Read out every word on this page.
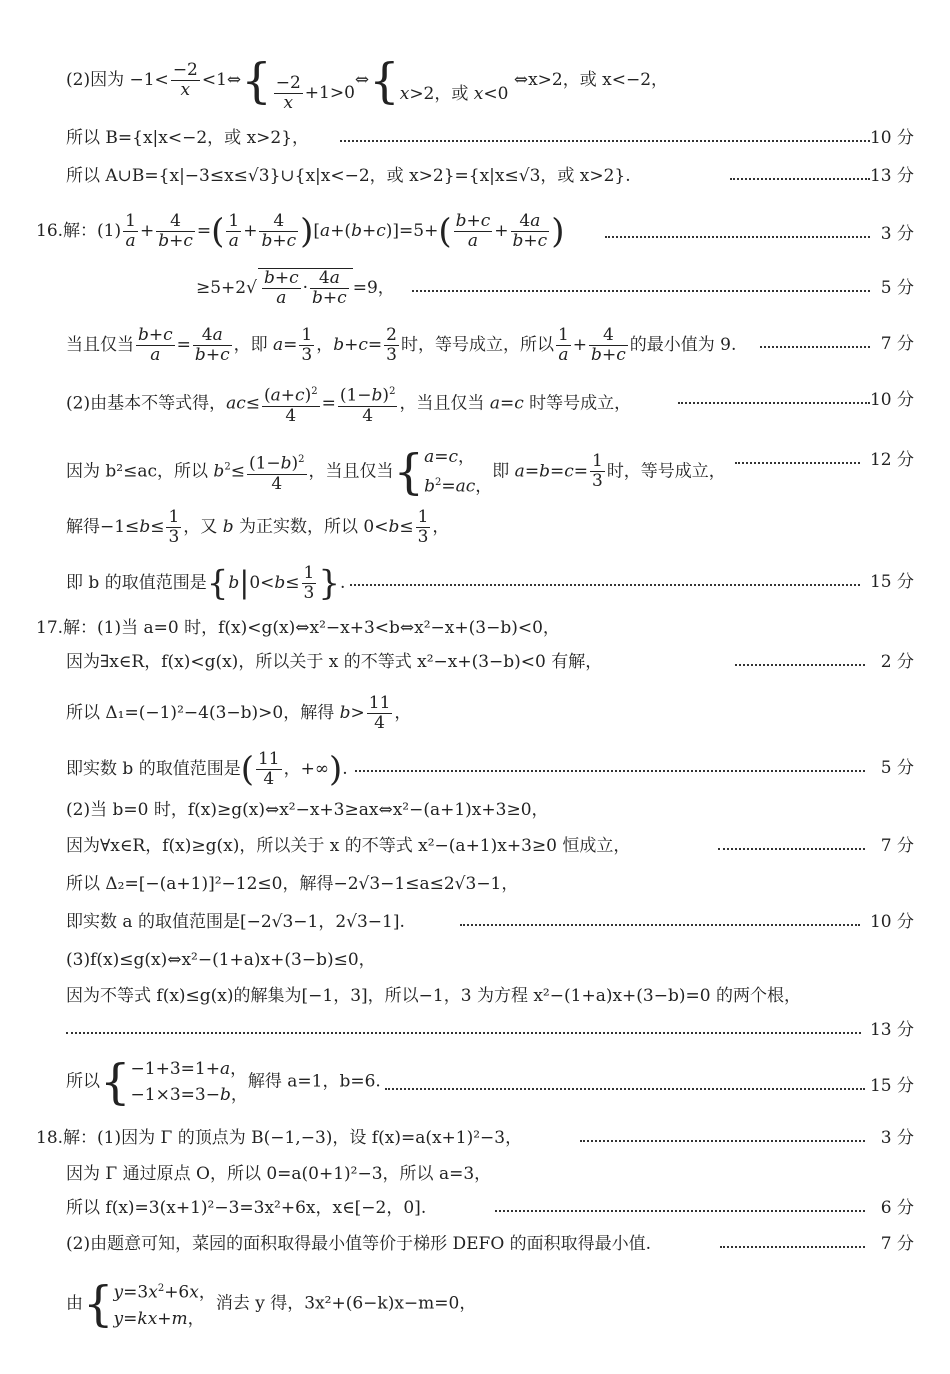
(2)因为 $-1< \frac{-2}{x}$ <1⇔{ $\frac{-2}{x} +1>0$
⇔{ x>2，或 x<0
⇔x>2，或 x<−2，
所以 B={x|x<−2，或 x>2}，	10 分
所以 A∪B={x|−3≤x≤√3}∪{x|x<−2，或 x>2}={x|x≤√3，或 x>2}.	13 分
16.解：$(1) \frac{1}{a} + \frac{4}{b+c}$ =( $\frac{1}{a} + \frac{4}{b+c} )[a+(b+c)]=5+( \frac{b+c}{a} + \frac{4a}{b+c}$ )	3 分
$\ge 5+2√ \frac{b+c}{a} \cdot \frac{4a}{b+c} =9$，	5 分
当且仅当 $\frac{b+c}{a} = \frac{4a}{b+c}$ ，即 $a= \frac{1}{3}$ ，$b+c= \frac{2}{3}$ 时，等号成立，所以 $\frac{1}{a} + \frac{4}{b+c}$ 的最小值为 9.	7 分
(2)由基本不等式得，$ac\le \frac{(a+c)^2}{4} = \frac{(1-b)^2}{4}$ ，当且仅当 a=c 时等号成立，	10 分
因为 b²≤ac，所以 $b^2\le \frac{(1-b)^2}{4}$ ，当且仅当{ a=c，
$b^2=ac$，
即 $a=b=c= \frac{1}{3}$ 时，等号成立，
12 分
解得$-1\le b\le \frac{1}{3}$ ，又 b 为正实数，所以 $0<b\le \frac{1}{3}$ ，
即 b 的取值范围是{$b|0<b\le \frac{1}{3}$ }.	15 分
17.解：(1)当 a=0 时，f(x)<g(x)⇔x²−x+3<b⇔x²−x+(3−b)<0，
因为∃x∈R，f(x)<g(x)，所以关于 x 的不等式 x²−x+(3−b)<0 有解，	2 分
所以 Δ₁=(−1)²−4(3−b)>0，解得 $b> \frac{11}{4}$ ，
即实数 b 的取值范围是( $\frac{11}{4}$ ，+∞).	5 分
(2)当 b=0 时，f(x)≥g(x)⇔x²−x+3≥ax⇔x²−(a+1)x+3≥0，
因为∀x∈R，f(x)≥g(x)，所以关于 x 的不等式 x²−(a+1)x+3≥0 恒成立，	7 分
所以 Δ₂=[−(a+1)]²−12≤0，解得−2√3−1≤a≤2√3−1，
即实数 a 的取值范围是[−2√3−1，2√3−1].	10 分
(3)f(x)≤g(x)⇔x²−(1+a)x+(3−b)≤0，
因为不等式 f(x)≤g(x)的解集为[−1，3]，所以−1，3 为方程 x²−(1+a)x+(3−b)=0 的两个根，
13 分
所以{ −1+3=1+a，
−1×3=3−b，
解得 a=1，b=6.	15 分
18.解：(1)因为 Γ 的顶点为 B(−1,−3)，设 f(x)=a(x+1)²−3，	3 分
因为 Γ 通过原点 O，所以 0=a(0+1)²−3，所以 a=3，
所以 f(x)=3(x+1)²−3=3x²+6x，x∈[−2，0].	6 分
(2)由题意可知，菜园的面积取得最小值等价于梯形 DEFO 的面积取得最小值.	7 分
由{ $y=3x^2+6x$，
y=kx+m，
消去 y 得，3x²+(6−k)x−m=0，
